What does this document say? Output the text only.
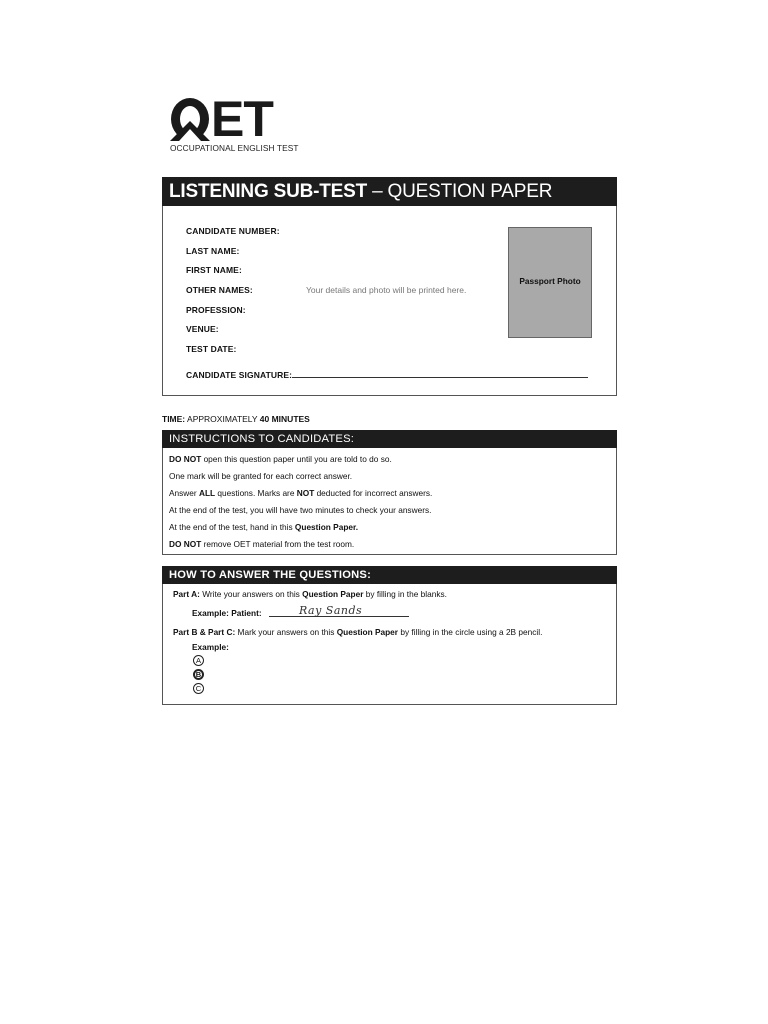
ET
OCCUPATIONAL ENGLISH TEST
LISTENING SUB-TEST – QUESTION PAPER
CANDIDATE NUMBER:
LAST NAME:
FIRST NAME:
OTHER NAMES:
PROFESSION:
VENUE:
TEST DATE:
Your details and photo will be printed here.
Passport Photo
CANDIDATE SIGNATURE:
TIME: APPROXIMATELY 40 MINUTES
INSTRUCTIONS TO CANDIDATES:
DO NOT open this question paper until you are told to do so.
One mark will be granted for each correct answer.
Answer ALL questions. Marks are NOT deducted for incorrect answers.
At the end of the test, you will have two minutes to check your answers.
At the end of the test, hand in this Question Paper.
DO NOT remove OET material from the test room.
HOW TO ANSWER THE QUESTIONS:
Part A: Write your answers on this Question Paper by filling in the blanks.
Example: Patient:	Ray Sands
Part B & Part C: Mark your answers on this Question Paper by filling in the circle using a 2B pencil.
Example:
A
B
C
